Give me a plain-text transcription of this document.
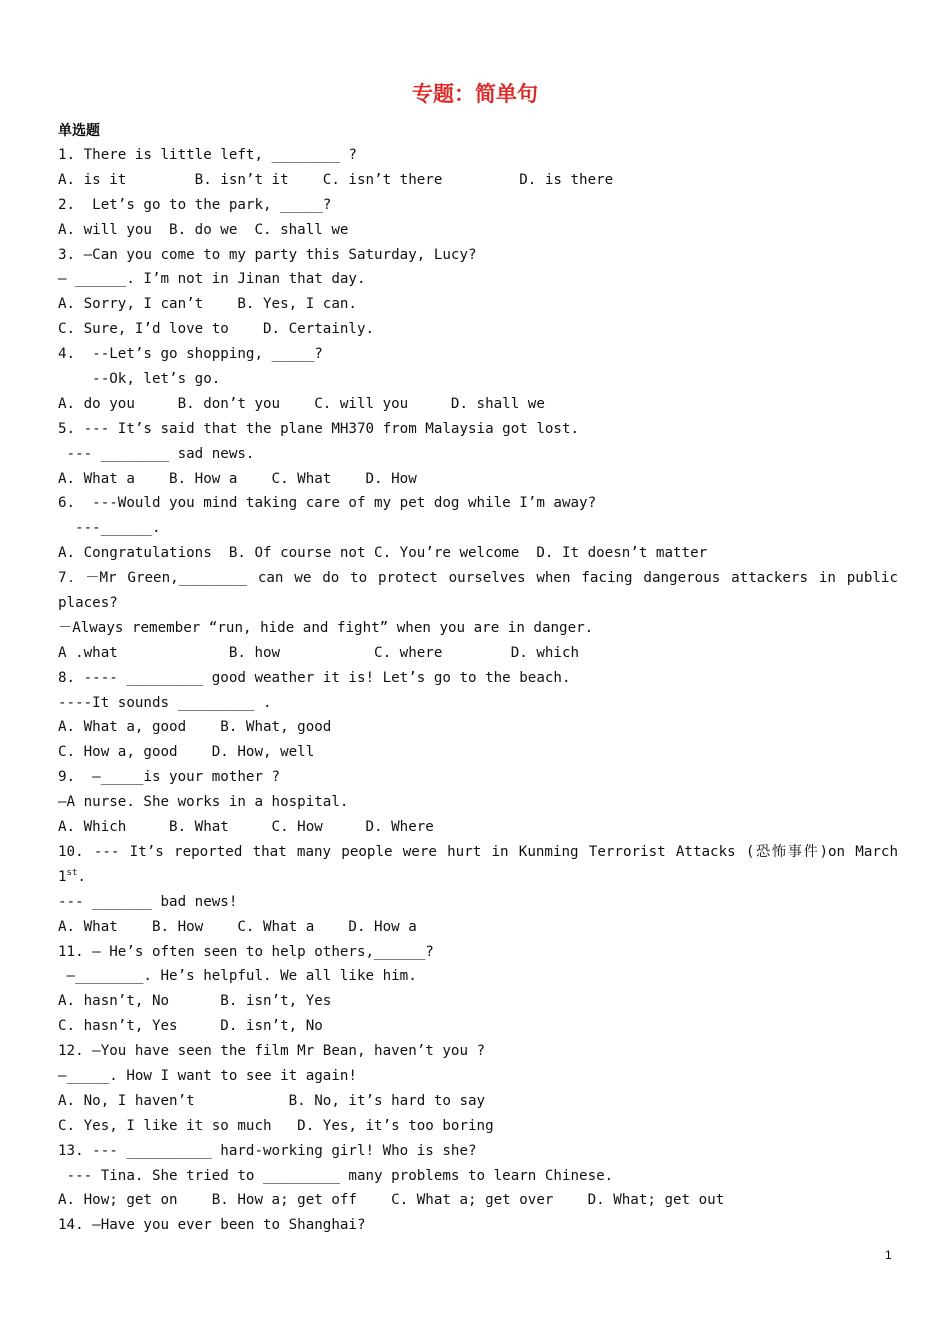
专题：简单句
单选题
1. There is little left, ________ ?
A. is it        B. isn’t it    C. isn’t there         D. is there
2.  Let’s go to the park, _____?
A. will you  B. do we  C. shall we
3. —Can you come to my party this Saturday, Lucy?
— ______. I’m not in Jinan that day.
A. Sorry, I can’t    B. Yes, I can.
C. Sure, I’d love to    D. Certainly.
4.  --Let’s go shopping, _____?
--Ok, let’s go.
A. do you     B. don’t you    C. will you     D. shall we
5. --- It’s said that the plane MH370 from Malaysia got lost.
--- ________ sad news.
A. What a    B. How a    C. What    D. How
6.  ---Would you mind taking care of my pet dog while I’m away?
---______.
A. Congratulations  B. Of course not C. You’re welcome  D. It doesn’t matter
7．－Mr Green,________ can we do to protect ourselves when facing dangerous attackers in public
places?
－Always remember “run, hide and fight” when you are in danger.
A .what             B. how           C. where        D. which
8. ---- _________ good weather it is! Let’s go to the beach.
----It sounds _________ .
A. What a, good    B. What, good
C. How a, good    D. How, well
9.  —_____is your mother ?
—A nurse. She works in a hospital.
A. Which     B. What     C. How     D. Where
10. --- It’s reported that many people were hurt in Kunming Terrorist Attacks (恐怖事件)on March
1st.
--- _______ bad news!
A. What    B. How    C. What a    D. How a
11. — He’s often seen to help others,______?
—________. He’s helpful. We all like him.
A. hasn’t, No      B. isn’t, Yes
C. hasn’t, Yes     D. isn’t, No
12. —You have seen the film Mr Bean, haven’t you ?
—_____. How I want to see it again!
A. No, I haven’t           B. No, it’s hard to say
C. Yes, I like it so much   D. Yes, it’s too boring
13. --- __________ hard-working girl! Who is she?
--- Tina. She tried to _________ many problems to learn Chinese.
A. How; get on    B. How a; get off    C. What a; get over    D. What; get out
14. —Have you ever been to Shanghai?
1
